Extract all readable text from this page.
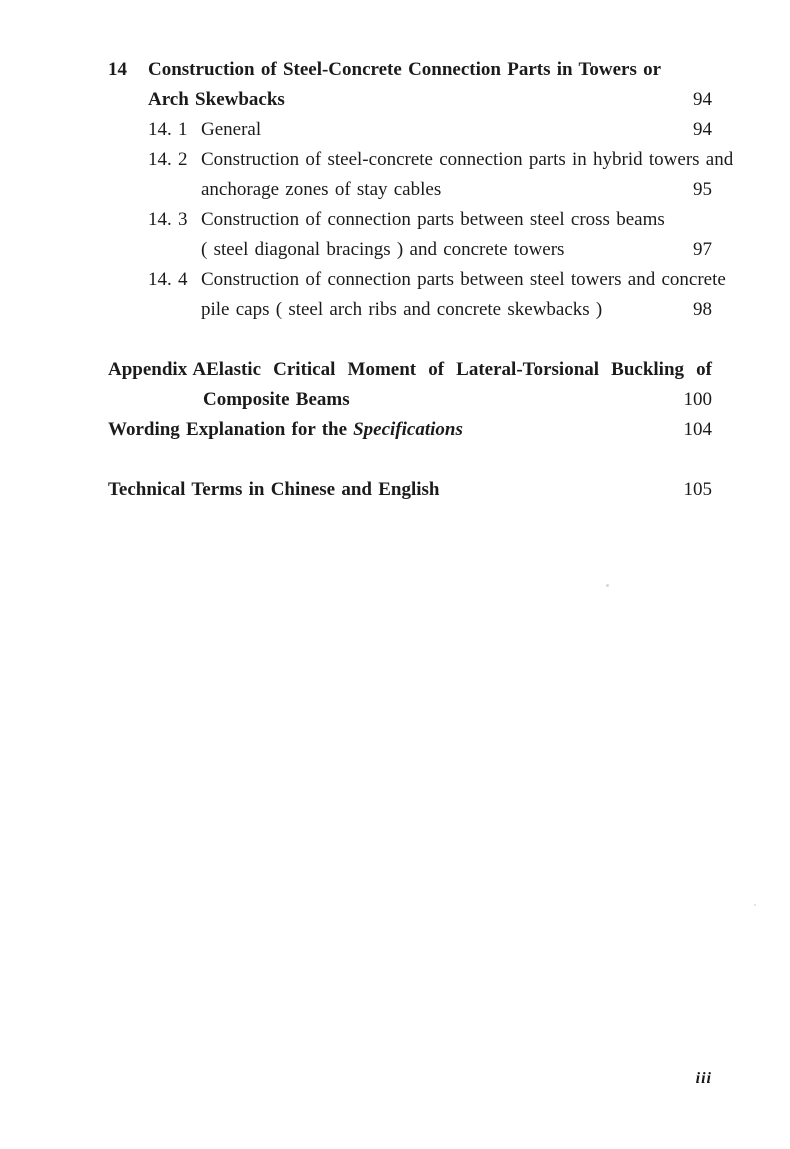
14	Construction of Steel-Concrete Connection Parts in Towers or
Arch Skewbacks	94
14. 1 General	94
14. 2 Construction of steel-concrete connection parts in hybrid towers and
anchorage zones of stay cables	95
14. 3 Construction of connection parts between steel cross beams
( steel diagonal bracings ) and concrete towers	97
14. 4 Construction of connection parts between steel towers and concrete
pile caps ( steel arch ribs and concrete skewbacks )	98
Appendix A Elastic Critical Moment of Lateral-Torsional Buckling of
Composite Beams	100
Wording Explanation for the Specifications	104
Technical Terms in Chinese and English	105
iii
